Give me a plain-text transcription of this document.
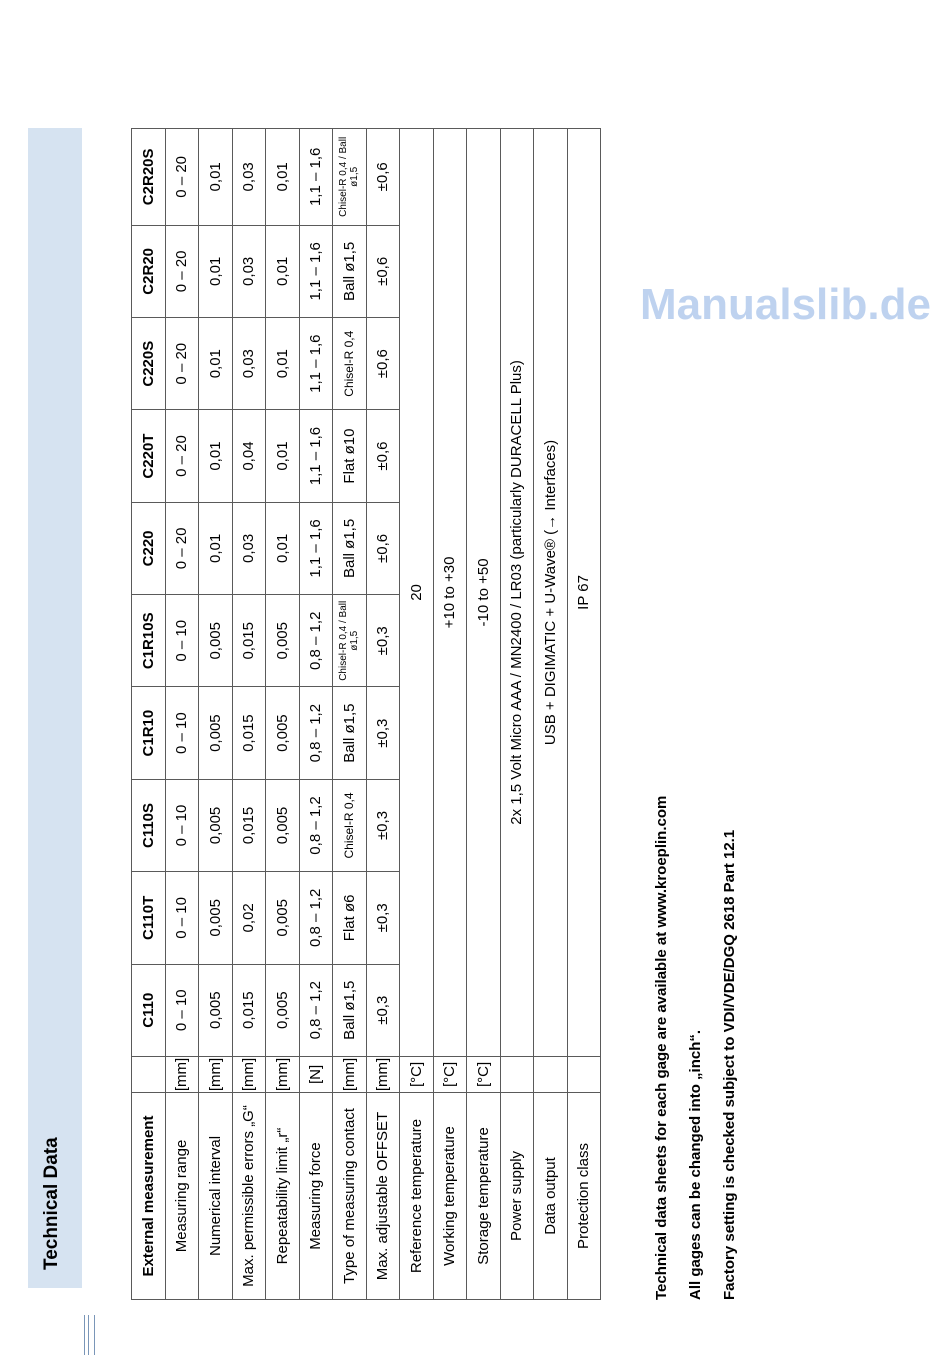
Technical Data	External measurement		C110	C110T	C110S	C1R10	C1R10S	C220	C220T	C220S	C2R20	C2R20S
Measuring range	[mm]	0 – 10	0 – 10	0 – 10	0 – 10	0 – 10	0 – 20	0 – 20	0 – 20	0 – 20	0 – 20
Numerical interval	[mm]	0,005	0,005	0,005	0,005	0,005	0,01	0,01	0,01	0,01	0,01
Max. permissible errors „G“	[mm]	0,015	0,02	0,015	0,015	0,015	0,03	0,04	0,03	0,03	0,03
Repeatability limit „r“	[mm]	0,005	0,005	0,005	0,005	0,005	0,01	0,01	0,01	0,01	0,01
Measuring force	[N]	0,8 – 1,2	0,8 – 1,2	0,8 – 1,2	0,8 – 1,2	0,8 – 1,2	1,1 – 1,6	1,1 – 1,6	1,1 – 1,6	1,1 – 1,6	1,1 – 1,6
Type of measuring contact	[mm]	Ball ø1,5	Flat ø6	Chisel-R 0,4	Ball ø1,5	Chisel-R 0,4 / Ball ø1,5	Ball ø1,5	Flat ø10	Chisel-R 0,4	Ball ø1,5	Chisel-R 0,4 / Ball ø1,5
Max. adjustable OFFSET	[mm]	±0,3	±0,3	±0,3	±0,3	±0,3	±0,6	±0,6	±0,6	±0,6	±0,6
Reference temperature	[°C]	20									
Working temperature	[°C]	+10 to +30									
Storage temperature	[°C]	-10 to +50									
Power supply		2x 1,5 Volt Micro AAA / MN2400 / LR03 (particularly DURACELL Plus)									
Data output		USB + DIGIMATIC + U-Wave® (→ Interfaces)									
Protection class		IP 67									
Technical data sheets for each gage are available at www.kroeplin.com	All gages can be changed into „inch“.	Factory setting is checked subject to VDI/VDE/DGQ 2618 Part 12.1
Manualslib.de
